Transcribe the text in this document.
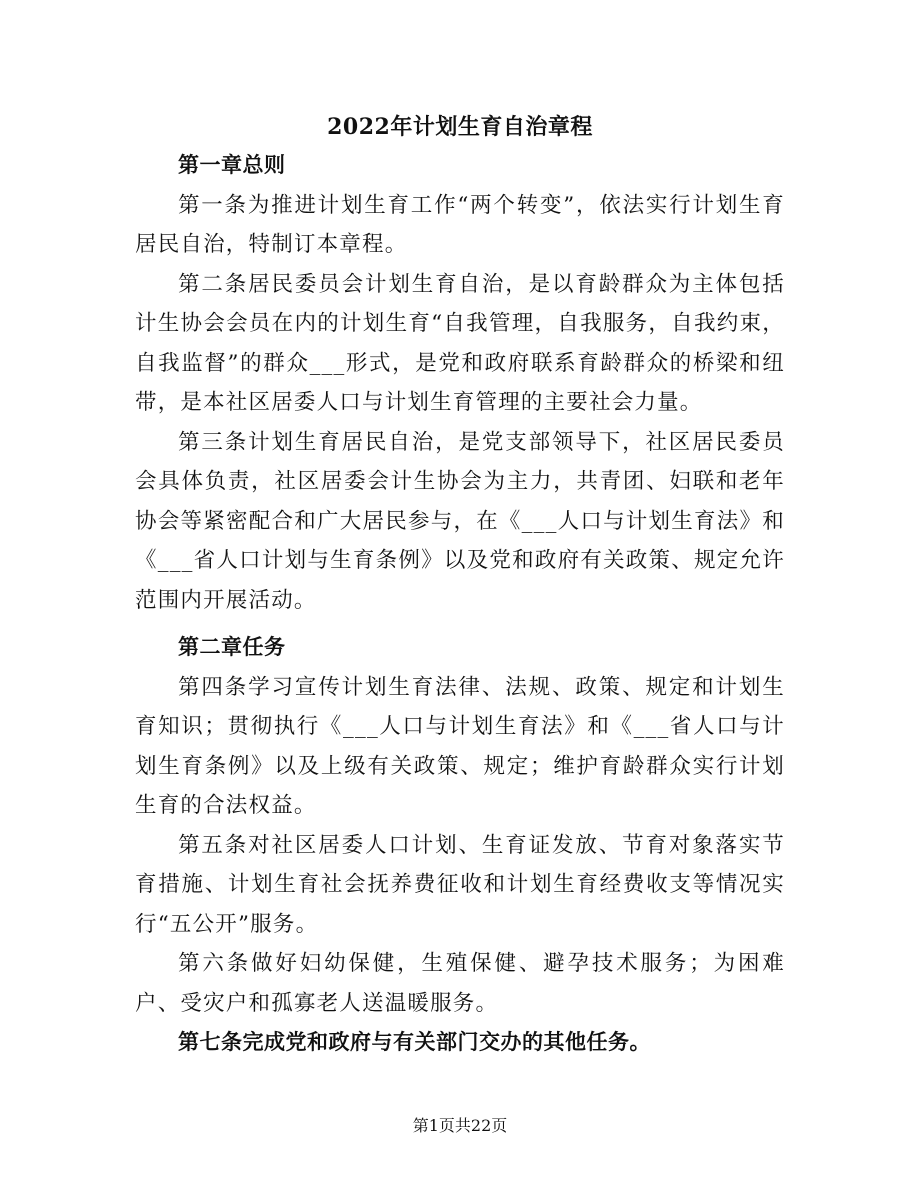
2022年计划生育自治章程

第一章总则

第一条为推进计划生育工作“两个转变”，依法实行计划生育居民自治，特制订本章程。

第二条居民委员会计划生育自治，是以育龄群众为主体包括计生协会会员在内的计划生育“自我管理，自我服务，自我约束，自我监督”的群众___形式，是党和政府联系育龄群众的桥梁和纽带，是本社区居委人口与计划生育管理的主要社会力量。

第三条计划生育居民自治，是党支部领导下，社区居民委员会具体负责，社区居委会计生协会为主力，共青团、妇联和老年协会等紧密配合和广大居民参与，在《___人口与计划生育法》和《___省人口计划与生育条例》以及党和政府有关政策、规定允许范围内开展活动。

第二章任务

第四条学习宣传计划生育法律、法规、政策、规定和计划生育知识；贯彻执行《___人口与计划生育法》和《___省人口与计划生育条例》以及上级有关政策、规定；维护育龄群众实行计划生育的合法权益。

第五条对社区居委人口计划、生育证发放、节育对象落实节育措施、计划生育社会抚养费征收和计划生育经费收支等情况实行“五公开”服务。

第六条做好妇幼保健，生殖保健、避孕技术服务；为困难户、受灾户和孤寡老人送温暖服务。

第七条完成党和政府与有关部门交办的其他任务。

第1页共22页
